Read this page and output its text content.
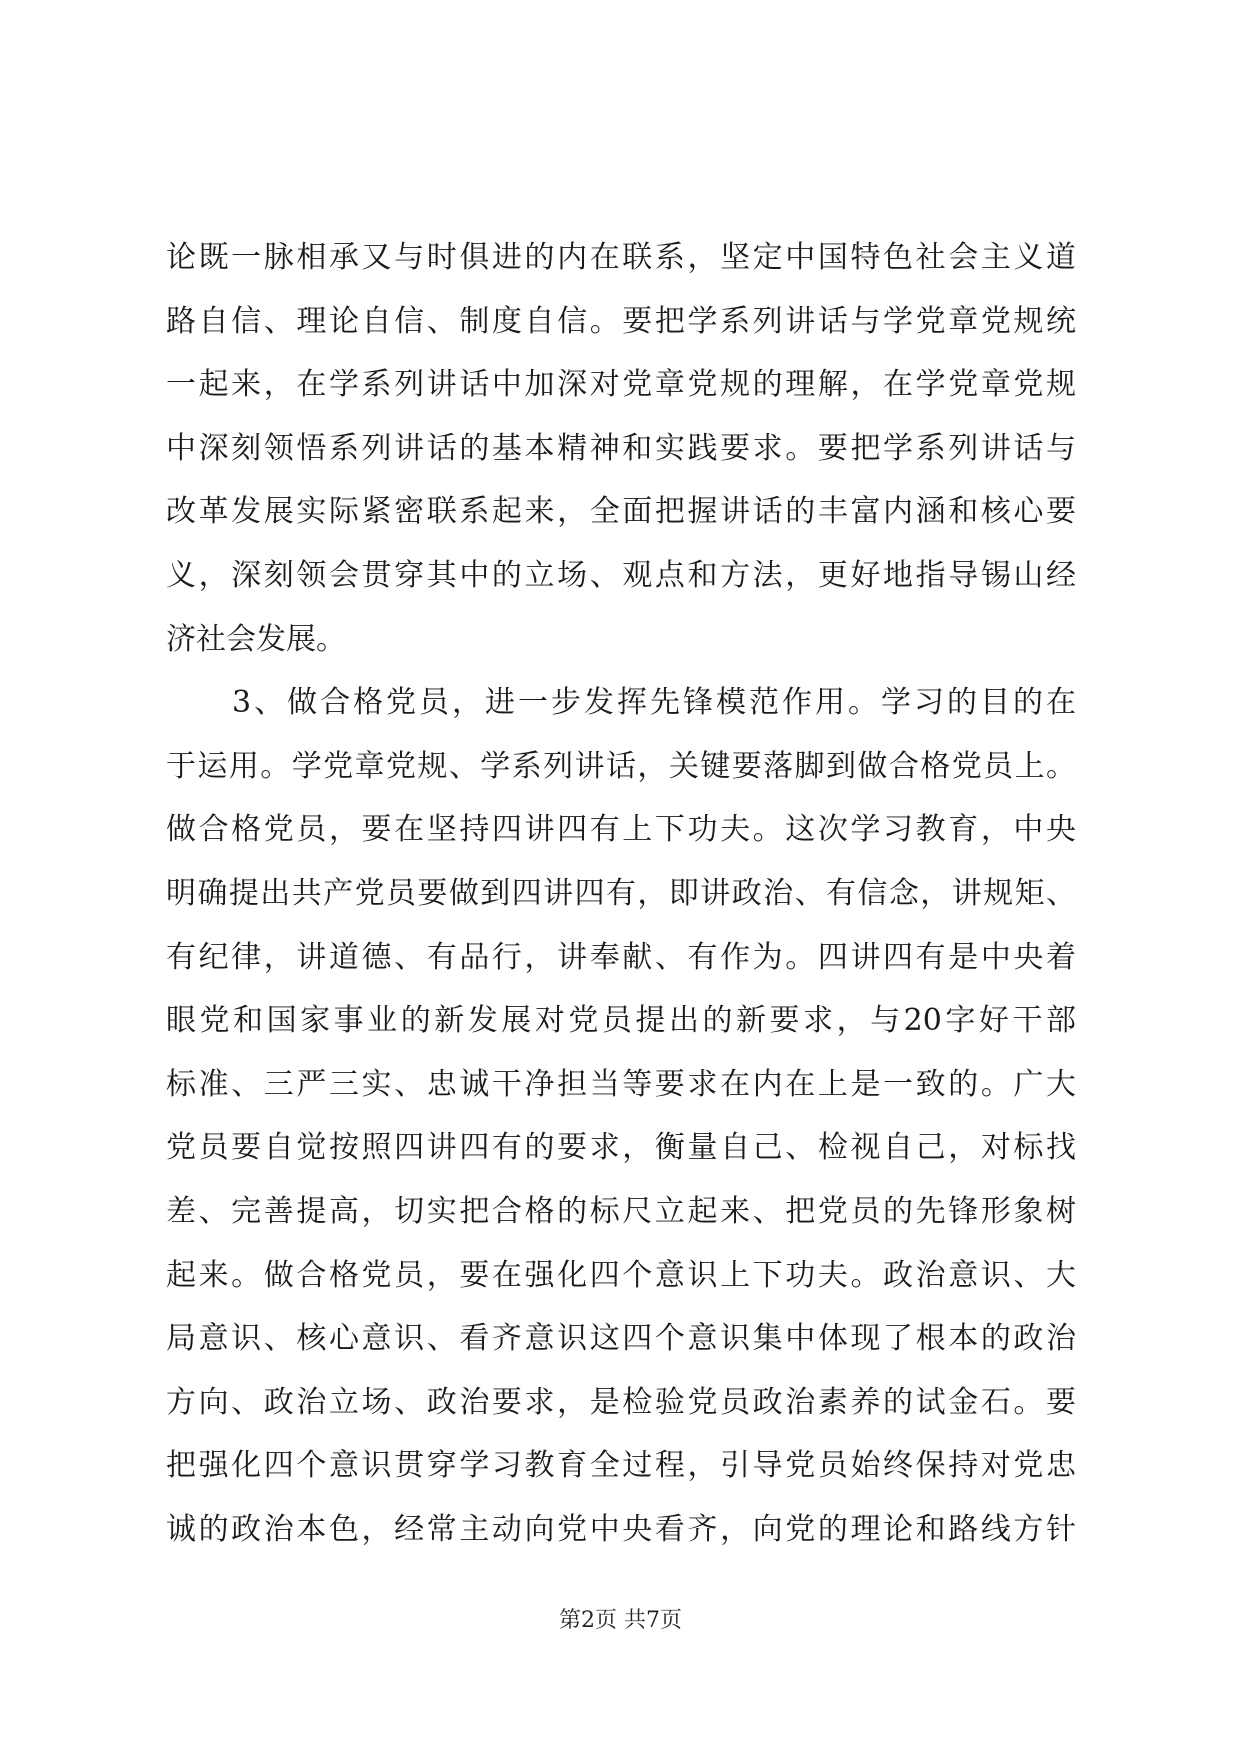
论既一脉相承又与时俱进的内在联系，坚定中国特色社会主义道
路自信、理论自信、制度自信。要把学系列讲话与学党章党规统
一起来，在学系列讲话中加深对党章党规的理解，在学党章党规
中深刻领悟系列讲话的基本精神和实践要求。要把学系列讲话与
改革发展实际紧密联系起来，全面把握讲话的丰富内涵和核心要
义，深刻领会贯穿其中的立场、观点和方法，更好地指导锡山经
济社会发展。
　　3、做合格党员，进一步发挥先锋模范作用。学习的目的在
于运用。学党章党规、学系列讲话，关键要落脚到做合格党员上。
做合格党员，要在坚持四讲四有上下功夫。这次学习教育，中央
明确提出共产党员要做到四讲四有，即讲政治、有信念，讲规矩、
有纪律，讲道德、有品行，讲奉献、有作为。四讲四有是中央着
眼党和国家事业的新发展对党员提出的新要求，与20字好干部
标准、三严三实、忠诚干净担当等要求在内在上是一致的。广大
党员要自觉按照四讲四有的要求，衡量自己、检视自己，对标找
差、完善提高，切实把合格的标尺立起来、把党员的先锋形象树
起来。做合格党员，要在强化四个意识上下功夫。政治意识、大
局意识、核心意识、看齐意识这四个意识集中体现了根本的政治
方向、政治立场、政治要求，是检验党员政治素养的试金石。要
把强化四个意识贯穿学习教育全过程，引导党员始终保持对党忠
诚的政治本色，经常主动向党中央看齐，向党的理论和路线方针
第2页 共7页
